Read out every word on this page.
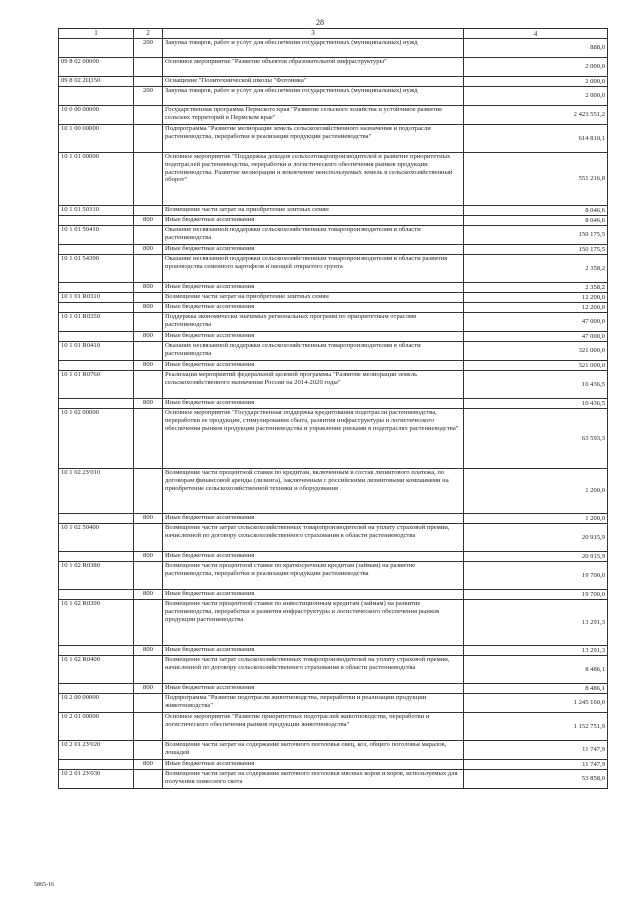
28
1	2	3	4
	200	Закупка товаров, работ и услуг для обеспечения государственных (муниципальных) нужд	888,0
09 8 02 00000		Основное мероприятие "Развитие объектов образовательной инфраструктуры"	2 000,0
09 8 02 2Ц150		Оснащение "Политехнической школы "Фотоника"	2 000,0
	200	Закупка товаров, работ и услуг для обеспечения государственных (муниципальных) нужд	2 000,0
10 0 00 00000		Государственная программа Пермского края "Развитие сельского хозяйства и устойчивое развитие сельских территорий в Пермском крае"	2 423 551,2
10 1 00 00000		Подпрограмма "Развитие мелиорации земель сельскохозяйственного назначения и подотрасли растениеводства, переработки и реализации продукции растениеводства"	614 810,1
10 1 01 00000		Основное мероприятие "Поддержка доходов сельхозтоваропроизводителей и развитие приоритетных подотраслей растениеводства, переработки и логистического обеспечения рынков продукции растениеводства. Развитие мелиорации и вовлечение неиспользуемых земель в сельскохозяйственный оборот"	551 216,8
10 1 01 50310		Возмещение части затрат на приобретение элитных семян	8 046,6
	800	Иные бюджетные ассигнования	8 046,6
10 1 01 50410		Оказание несвязанной поддержки сельскохозяйственным товаропроизводителям в области растениеводства	150 175,5
	800	Иные бюджетные ассигнования	150 175,5
10 1 01 54390		Оказание несвязанной поддержки сельскохозяйственным товаропроизводителям в области развития производства семенного картофеля и овощей открытого грунта	2 358,2
	800	Иные бюджетные ассигнования	2 358,2
10 1 01 R0310		Возмещение части затрат на приобретение элитных семян	12 200,0
	800	Иные бюджетные ассигнования	12 200,0
10 1 01 R0350		Поддержка экономически значимых региональных программ по приоритетным отраслям растениеводства	47 000,0
	800	Иные бюджетные ассигнования	47 000,0
10 1 01 R0410		Оказание несвязанной поддержки сельскохозяйственным товаропроизводителям в области растениеводства	321 000,0
	800	Иные бюджетные ассигнования	321 000,0
10 1 01 R0760		Реализация мероприятий федеральной целевой программы "Развитие мелиорации земель сельскохозяйственного назначения России на 2014-2020 годы"	10 436,5
	800	Иные бюджетные ассигнования	10 436,5
10 1 02 00000		Основное мероприятие "Государственная поддержка кредитования подотрасли растениеводства, переработки ее продукции, стимулирования сбыта, развития инфраструктуры и логистического обеспечения рынков продукции растениеводства и управление рисками в подотраслях растениеводства"	63 593,3
10 1 02 2У010		Возмещение части процентной ставки по кредитам, включенным в состав лизингового платежа, по договорам финансовой аренды (лизинга), заключенным с российскими лизинговыми компаниями на приобретение сельскохозяйственной техники и оборудования	1 200,0
	800	Иные бюджетные ассигнования	1 200,0
10 1 02 50400		Возмещение части затрат сельскохозяйственных товаропроизводителей на уплату страховой премии, начисленной по договору сельскохозяйственного страхования в области растениеводства	20 915,9
	800	Иные бюджетные ассигнования	20 915,9
10 1 02 R0380		Возмещение части процентной ставки по краткосрочным кредитам (займам) на развитие растениеводства, переработки и реализации продукции растениеводства	19 700,0
	800	Иные бюджетные ассигнования	19 700,0
10 1 02 R0390		Возмещение части процентной ставки по инвестиционным кредитам (займам) на развитие растениеводства, переработки и развития инфраструктуры и логистического обеспечения рынков продукции растениеводства	13 291,3
	800	Иные бюджетные ассигнования	13 291,3
10 1 02 R0400		Возмещение части затрат сельскохозяйственных товаропроизводителей на уплату страховой премии, начисленной по договору сельскохозяйственного страхования в области растениеводства	8 486,1
	800	Иные бюджетные ассигнования	8 486,1
10 2 00 00000		Подпрограмма "Развитие подотрасли животноводства, переработки и реализации продукции животноводства"	1 245 160,0
10 2 01 00000		Основное мероприятие "Развитие приоритетных подотраслей животноводства, переработки и логистического обеспечения рынков продукции животноводства"	1 152 751,9
10 2 01 2У020		Возмещение части затрат на содержание маточного поголовья овец, коз, общего поголовья маралов, лошадей	11 747,9
	800	Иные бюджетные ассигнования	11 747,9
10 2 01 2У030		Возмещение части затрат на содержание маточного поголовья мясных коров и коров, используемых для получения помесного скота	53 858,0
5865-16
